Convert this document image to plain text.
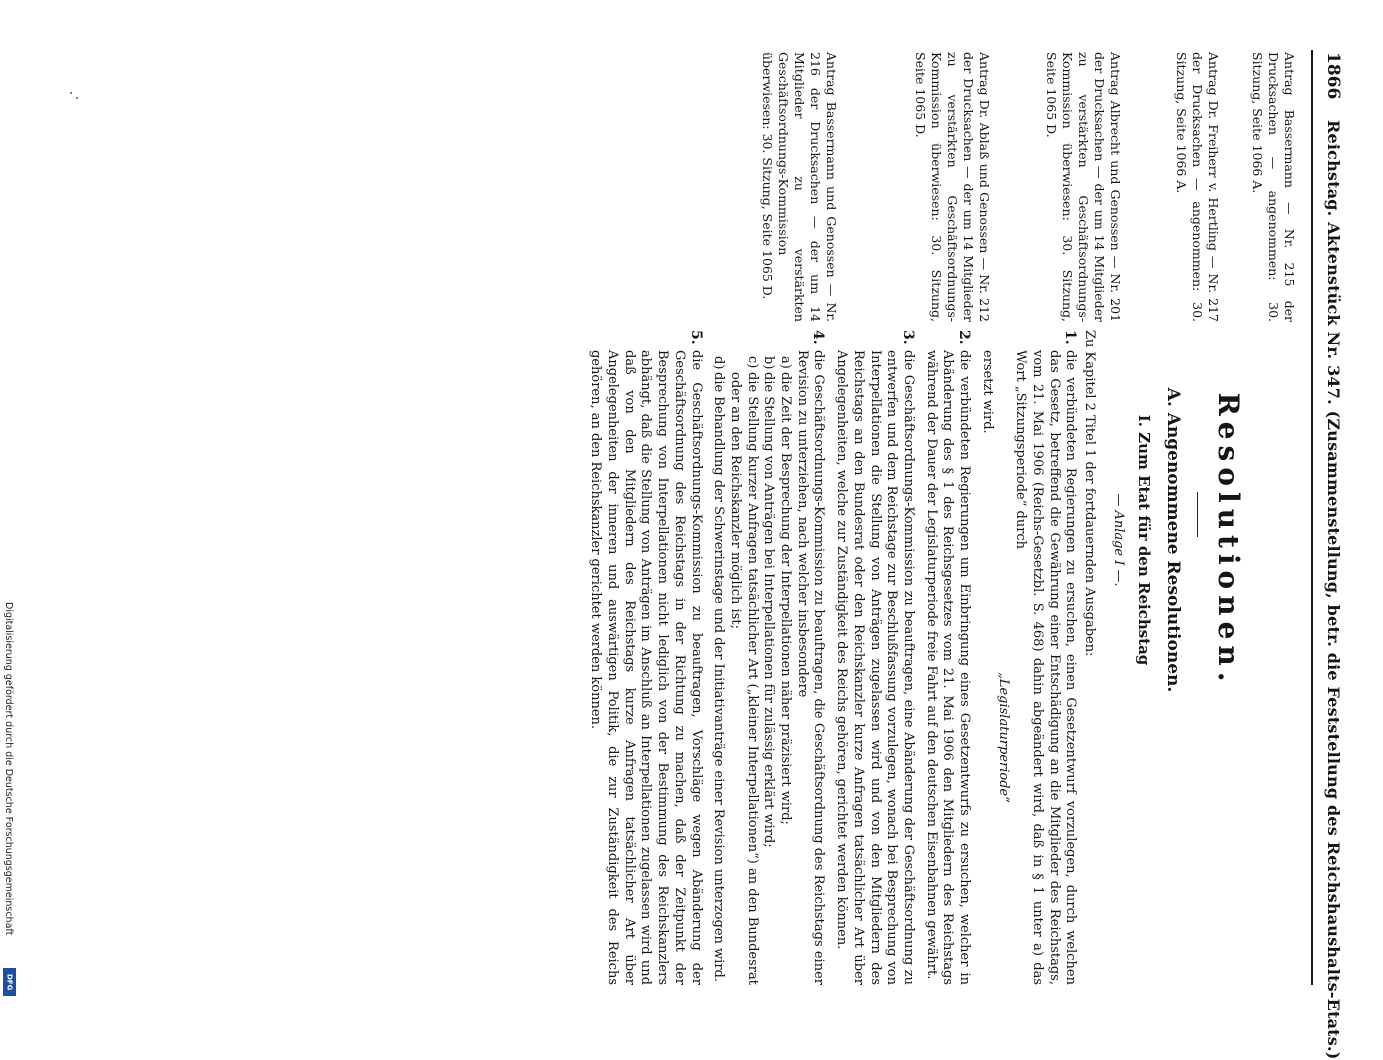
1866
Reichstag. Aktenstück Nr. 347. (Zusammenstellung, betr. die Feststellung des Reichshaushalts-Etats.)
Resolutionen.
A. Angenommene Resolutionen.
I. Zum Etat für den Reichstag
— Anlage I —.
Antrag Bassermann — Nr. 215 der Drucksachen — angenommen: 30. Sitzung, Seite 1066 A.
Antrag Dr. Freiherr v. Hertling — Nr. 217 der Drucksachen — angenommen: 30. Sitzung, Seite 1066 A.
Antrag Albrecht und Genossen — Nr. 201 der Drucksachen — der um 14 Mitglieder zu verstärkten Geschäftsordnungs-Kommission überwiesen: 30. Sitzung, Seite 1065 D.
Antrag Dr. Ablaß und Genossen — Nr. 212 der Drucksachen — der um 14 Mitglieder zu verstärkten Geschäftsordnungs-Kommission überwiesen: 30. Sitzung, Seite 1065 D.
Antrag Bassermann und Genossen — Nr. 216 der Drucksachen — der um 14 Mitglieder zu verstärkten Geschäftsordnungs-Kommission überwiesen: 30. Sitzung, Seite 1065 D.

Zu Kapitel 2 Titel 1 der fortdauernden Ausgaben:

1.

die verbündeten Regierungen zu ersuchen, einen Gesetzentwurf vorzulegen, durch welchen das Gesetz, betreffend die Gewährung einer Entschädigung an die Mitglieder des Reichstags, vom 21. Mai 1906 (Reichs-Gesetzbl. S. 468) dahin abgeändert wird, daß in § 1 unter a) das Wort „Sitzungsperiode“ durch

„Legislaturperiode“

ersetzt wird.

2.

die verbündeten Regierungen um Einbringung eines Gesetzentwurfs zu ersuchen, welcher in Abänderung des § 1 des Reichsgesetzes vom 21. Mai 1906 den Mitgliedern des Reichstags während der Dauer der Legislaturperiode freie Fahrt auf den deutschen Eisenbahnen gewährt.

3.

die Geschäftsordnungs-Kommission zu beauftragen, eine Abänderung der Geschäftsordnung zu entwerfen und dem Reichstage zur Beschlußfassung vorzulegen, wonach bei Besprechung von Interpellationen die Stellung von Anträgen zugelassen wird und von den Mitgliedern des Reichstags an den Bundesrat oder den Reichskanzler kurze Anfragen tatsächlicher Art über Angelegenheiten, welche zur Zuständigkeit des Reichs gehören, gerichtet werden können.

4.

die Geschäftsordnungs-Kommission zu beauftragen, die Geschäftsordnung des Reichstags einer Revision zu unterziehen, nach welcher insbesondere

a)

die Zeit der Besprechung der Interpellationen näher präzisiert wird;

b)

die Stellung von Anträgen bei Interpellationen für zulässig erklärt wird;

c)

die Stellung kurzer Anfragen tatsächlicher Art („kleiner Interpellationen“) an den Bundesrat oder an den Reichskanzler möglich ist;

d)

die Behandlung der Schwerinstage und der Initiativanträge einer Revision unterzogen wird.

5.

die Geschäftsordnungs-Kommission zu beauftragen, Vorschläge wegen Abänderung der Geschäftsordnung des Reichstags in der Richtung zu machen, daß der Zeitpunkt der Besprechung von Interpellationen nicht lediglich von der Bestimmung des Reichskanzlers abhängt, daß die Stellung von Anträgen im Anschluß an Interpellationen zugelassen wird und daß von den Mitgliedern des Reichstags kurze Anfragen tatsächlicher Art über Angelegenheiten der inneren und auswärtigen Politik, die zur Zuständigkeit des Reichs gehören, an den Reichskanzler gerichtet werden können.

Digitalisierung gefördert durch die Deutsche Forschungsgemeinschaft
DFG
